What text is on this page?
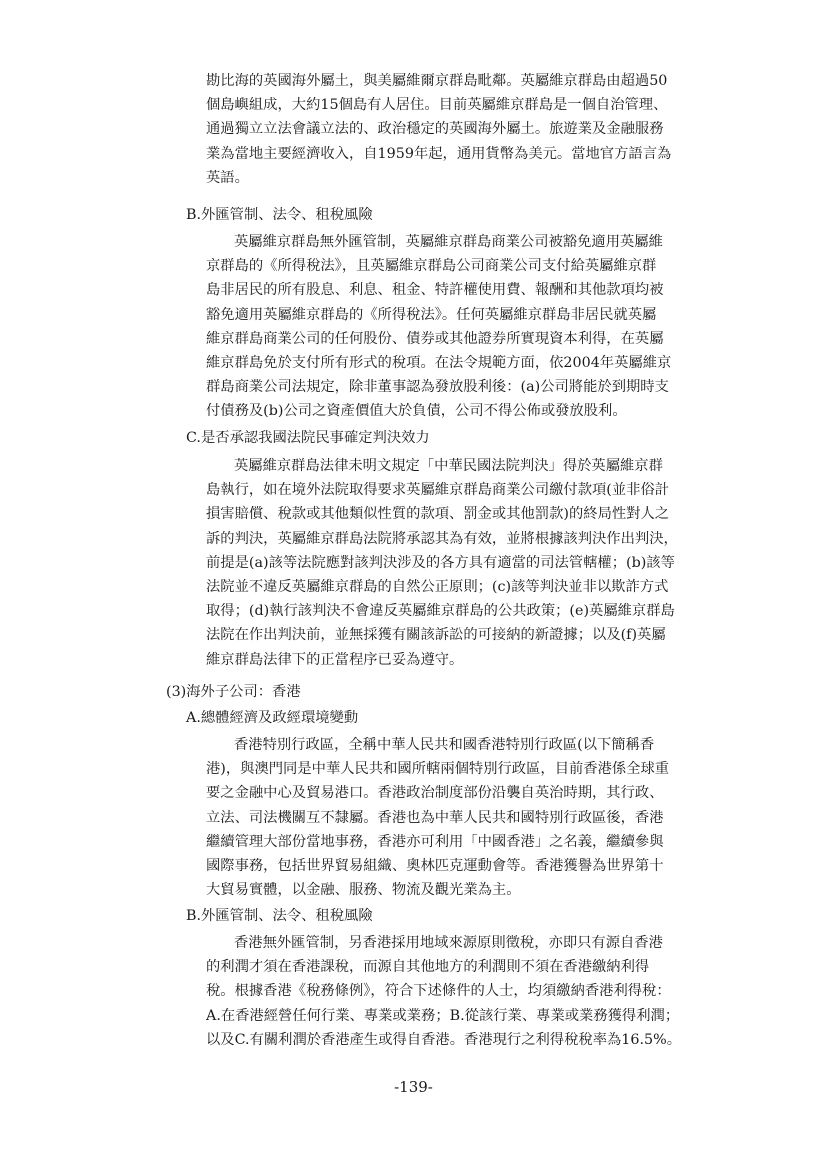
勘比海的英國海外屬土，與美屬維爾京群島毗鄰。英屬維京群島由超過50
個島嶼組成，大約15個島有人居住。目前英屬維京群島是一個自治管理、
通過獨立立法會議立法的、政治穩定的英國海外屬土。旅遊業及金融服務
業為當地主要經濟收入，自1959年起，通用貨幣為美元。當地官方語言為
英語。
B.外匯管制、法令、租稅風險
英屬維京群島無外匯管制，英屬維京群島商業公司被豁免適用英屬維
京群島的《所得稅法》，且英屬維京群島公司商業公司支付給英屬維京群
島非居民的所有股息、利息、租金、特許權使用費、報酬和其他款項均被
豁免適用英屬維京群島的《所得稅法》。任何英屬維京群島非居民就英屬
維京群島商業公司的任何股份、債券或其他證券所實現資本利得，在英屬
維京群島免於支付所有形式的稅項。在法令規範方面，依2004年英屬維京
群島商業公司法規定，除非董事認為發放股利後：(a)公司將能於到期時支
付債務及(b)公司之資產價值大於負債，公司不得公佈或發放股利。
C.是否承認我國法院民事確定判決效力
英屬維京群島法律未明文規定「中華民國法院判決」得於英屬維京群
島執行，如在境外法院取得要求英屬維京群島商業公司繳付款項(並非俗計
損害賠償、稅款或其他類似性質的款項、罰金或其他罰款)的終局性對人之
訴的判決，英屬維京群島法院將承認其為有效，並將根據該判決作出判決，
前提是(a)該等法院應對該判決涉及的各方具有適當的司法管轄權；(b)該等
法院並不違反英屬維京群島的自然公正原則；(c)該等判決並非以欺詐方式
取得；(d)執行該判決不會違反英屬維京群島的公共政策；(e)英屬維京群島
法院在作出判決前，並無採獲有關該訴訟的可接納的新證據；以及(f)英屬
維京群島法律下的正當程序已妥為遵守。
(3)海外子公司：香港
A.總體經濟及政經環境變動
香港特別行政區，全稱中華人民共和國香港特別行政區(以下簡稱香
港)，與澳門同是中華人民共和國所轄兩個特別行政區，目前香港係全球重
要之金融中心及貿易港口。香港政治制度部份沿襲自英治時期，其行政、
立法、司法機關互不隸屬。香港也為中華人民共和國特別行政區後，香港
繼續管理大部份當地事務，香港亦可利用「中國香港」之名義，繼續參與
國際事務，包括世界貿易組織、奧林匹克運動會等。香港獲譽為世界第十
大貿易實體，以金融、服務、物流及觀光業為主。
B.外匯管制、法令、租稅風險
香港無外匯管制，另香港採用地域來源原則徵稅，亦即只有源自香港
的利潤才須在香港課稅，而源自其他地方的利潤則不須在香港繳納利得
稅。根據香港《稅務條例》，符合下述條件的人士，均須繳納香港利得稅：
A.在香港經營任何行業、專業或業務；B.從該行業、專業或業務獲得利潤；
以及C.有關利潤於香港產生或得自香港。香港現行之利得稅稅率為16.5%。
-139-
